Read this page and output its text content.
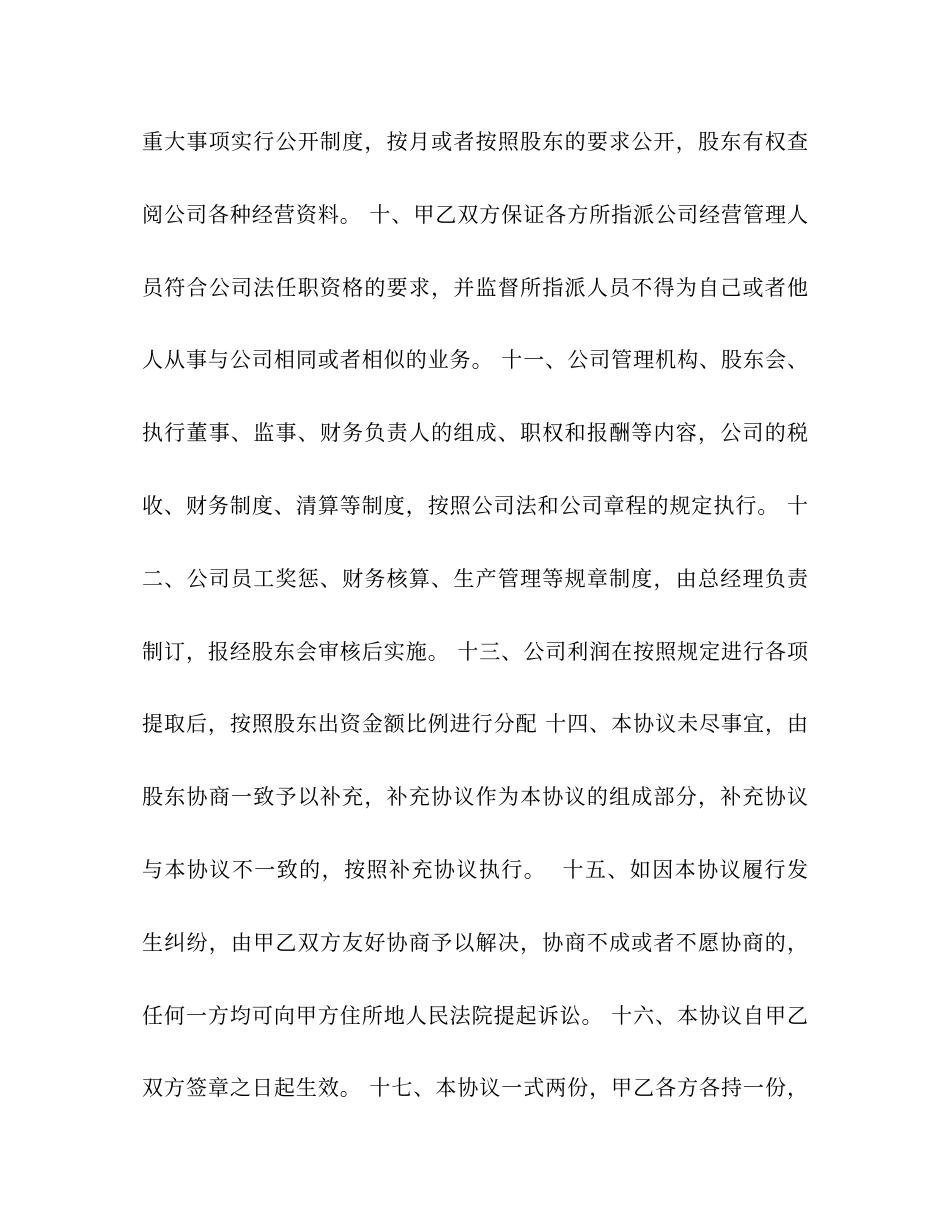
重大事项实行公开制度，按月或者按照股东的要求公开，股东有权查
阅公司各种经营资料。 十、甲乙双方保证各方所指派公司经营管理人
员符合公司法任职资格的要求，并监督所指派人员不得为自己或者他
人从事与公司相同或者相似的业务。 十一、公司管理机构、股东会、
执行董事、监事、财务负责人的组成、职权和报酬等内容，公司的税
收、财务制度、清算等制度，按照公司法和公司章程的规定执行。 十
二、公司员工奖惩、财务核算、生产管理等规章制度，由总经理负责
制订，报经股东会审核后实施。 十三、公司利润在按照规定进行各项
提取后，按照股东出资金额比例进行分配 十四、本协议未尽事宜，由
股东协商一致予以补充，补充协议作为本协议的组成部分，补充协议
与本协议不一致的，按照补充协议执行。  十五、如因本协议履行发
生纠纷，由甲乙双方友好协商予以解决，协商不成或者不愿协商的，
任何一方均可向甲方住所地人民法院提起诉讼。 十六、本协议自甲乙
双方签章之日起生效。 十七、本协议一式两份，甲乙各方各持一份，
